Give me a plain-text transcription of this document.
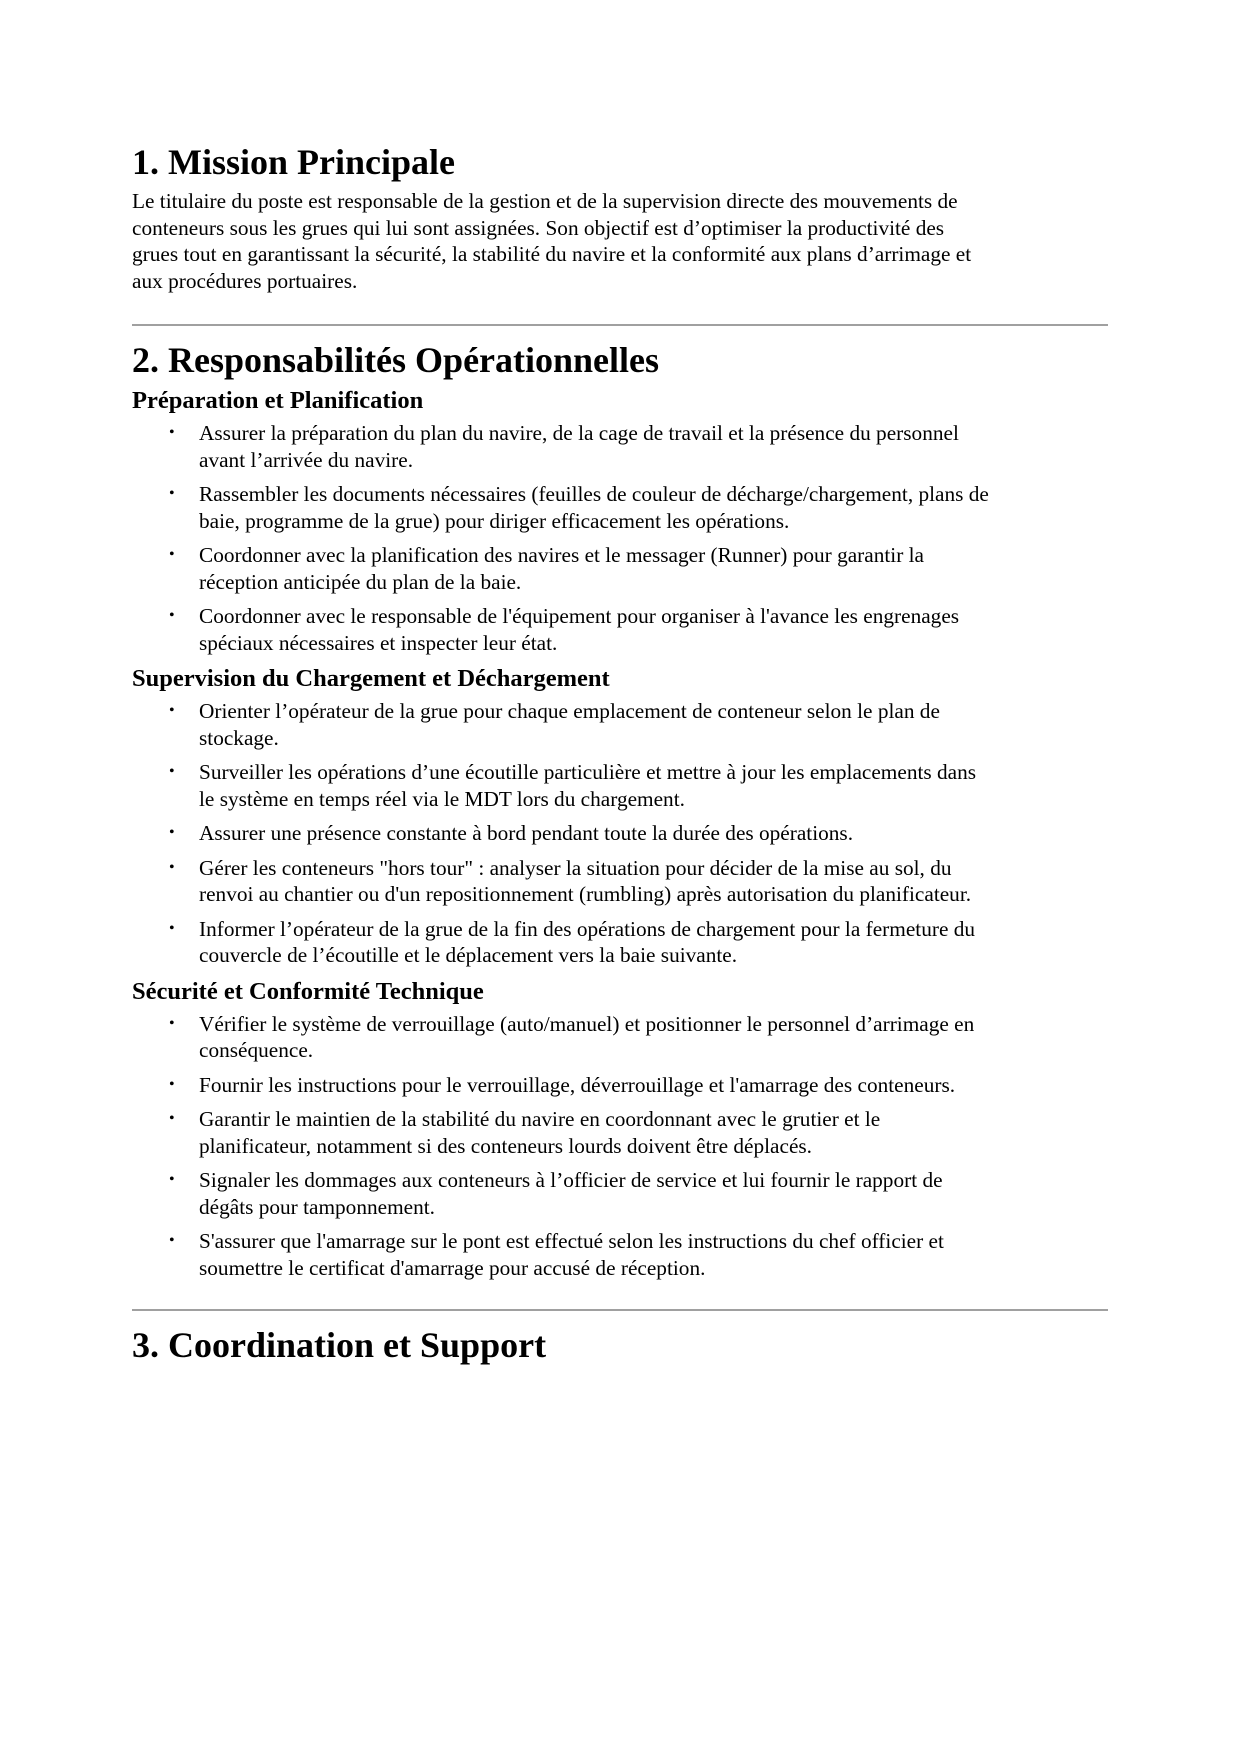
1. Mission Principale

Le titulaire du poste est responsable de la gestion et de la supervision directe des mouvements de conteneurs sous les grues qui lui sont assignées. Son objectif est d’optimiser la productivité des grues tout en garantissant la sécurité, la stabilité du navire et la conformité aux plans d’arrimage et aux procédures portuaires.

2. Responsabilités Opérationnelles
Préparation et Planification
• Assurer la préparation du plan du navire, de la cage de travail et la présence du personnel avant l’arrivée du navire.
• Rassembler les documents nécessaires (feuilles de couleur de décharge/chargement, plans de baie, programme de la grue) pour diriger efficacement les opérations.
• Coordonner avec la planification des navires et le messager (Runner) pour garantir la réception anticipée du plan de la baie.
• Coordonner avec le responsable de l'équipement pour organiser à l'avance les engrenages spéciaux nécessaires et inspecter leur état.
Supervision du Chargement et Déchargement
• Orienter l’opérateur de la grue pour chaque emplacement de conteneur selon le plan de stockage.
• Surveiller les opérations d’une écoutille particulière et mettre à jour les emplacements dans le système en temps réel via le MDT lors du chargement.
• Assurer une présence constante à bord pendant toute la durée des opérations.
• Gérer les conteneurs "hors tour" : analyser la situation pour décider de la mise au sol, du renvoi au chantier ou d'un repositionnement (rumbling) après autorisation du planificateur.
• Informer l’opérateur de la grue de la fin des opérations de chargement pour la fermeture du couvercle de l’écoutille et le déplacement vers la baie suivante.
Sécurité et Conformité Technique
• Vérifier le système de verrouillage (auto/manuel) et positionner le personnel d’arrimage en conséquence.
• Fournir les instructions pour le verrouillage, déverrouillage et l'amarrage des conteneurs.
• Garantir le maintien de la stabilité du navire en coordonnant avec le grutier et le planificateur, notamment si des conteneurs lourds doivent être déplacés.
• Signaler les dommages aux conteneurs à l’officier de service et lui fournir le rapport de dégâts pour tamponnement.
• S'assurer que l'amarrage sur le pont est effectué selon les instructions du chef officier et soumettre le certificat d'amarrage pour accusé de réception.
3. Coordination et Support
